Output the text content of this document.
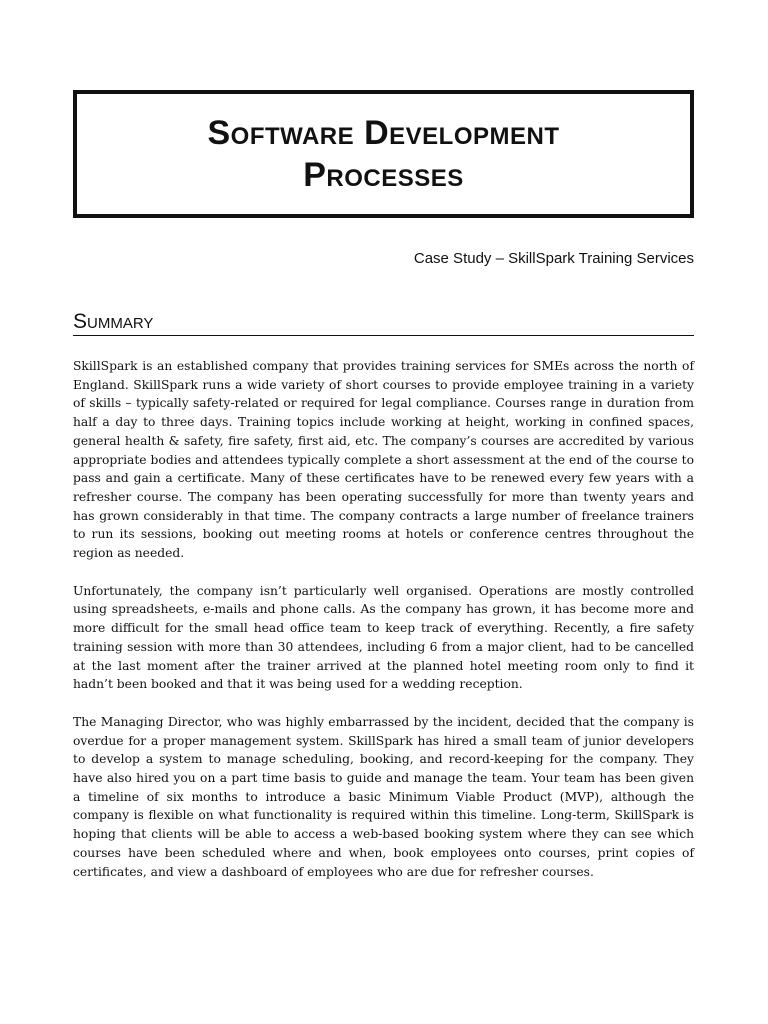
Software Development
Processes
Case Study – SkillSpark Training Services
Summary

SkillSpark is an established company that provides training services for SMEs across the north of England. SkillSpark runs a wide variety of short courses to provide employee training in a variety of skills – typically safety-related or required for legal compliance. Courses range in duration from half a day to three days. Training topics include working at height, working in confined spaces, general health & safety, fire safety, first aid, etc. The company’s courses are accredited by various appropriate bodies and attendees typically complete a short assessment at the end of the course to pass and gain a certificate. Many of these certificates have to be renewed every few years with a refresher course. The company has been operating successfully for more than twenty years and has grown considerably in that time. The company contracts a large number of freelance trainers to run its sessions, booking out meeting rooms at hotels or conference centres throughout the region as needed.

Unfortunately, the company isn’t particularly well organised. Operations are mostly controlled using spreadsheets, e-mails and phone calls. As the company has grown, it has become more and more difficult for the small head office team to keep track of everything. Recently, a fire safety training session with more than 30 attendees, including 6 from a major client, had to be cancelled at the last moment after the trainer arrived at the planned hotel meeting room only to find it hadn’t been booked and that it was being used for a wedding reception.

The Managing Director, who was highly embarrassed by the incident, decided that the company is overdue for a proper management system. SkillSpark has hired a small team of junior developers to develop a system to manage scheduling, booking, and record-keeping for the company. They have also hired you on a part time basis to guide and manage the team. Your team has been given a timeline of six months to introduce a basic Minimum Viable Product (MVP), although the company is flexible on what functionality is required within this timeline. Long-term, SkillSpark is hoping that clients will be able to access a web-based booking system where they can see which courses have been scheduled where and when, book employees onto courses, print copies of certificates, and view a dashboard of employees who are due for refresher courses.
